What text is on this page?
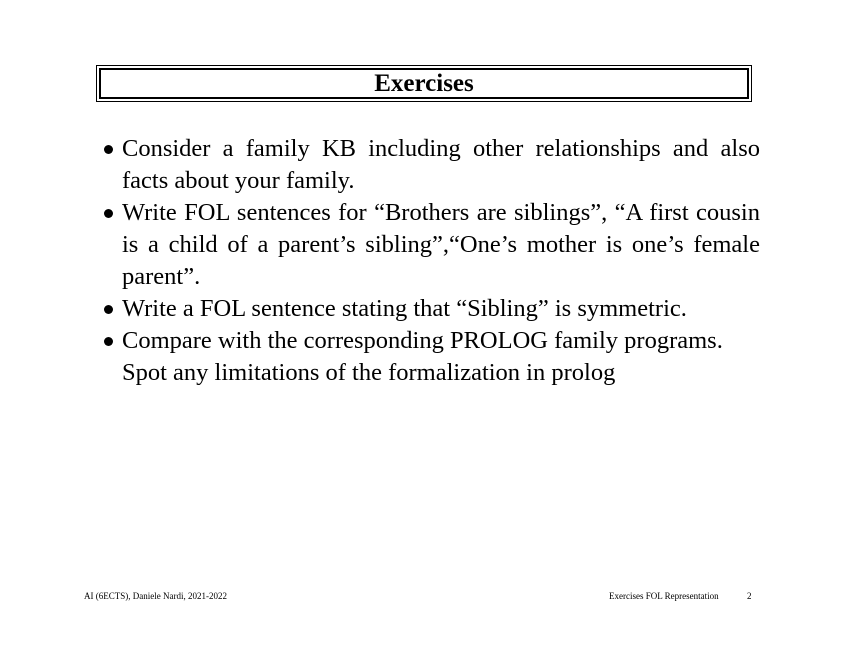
Exercises
Consider a family KB including other relationships and also facts about your family.
Write FOL sentences for “Brothers are siblings”, “A first cousin is a child of a parent’s sibling”,“One’s mother is one’s female parent”.
Write a FOL sentence stating that “Sibling” is symmetric.
Compare with the corresponding PROLOG family programs. Spot any limitations of the formalization in prolog
AI (6ECTS), Daniele Nardi, 2021-2022	Exercises FOL Representation	2
